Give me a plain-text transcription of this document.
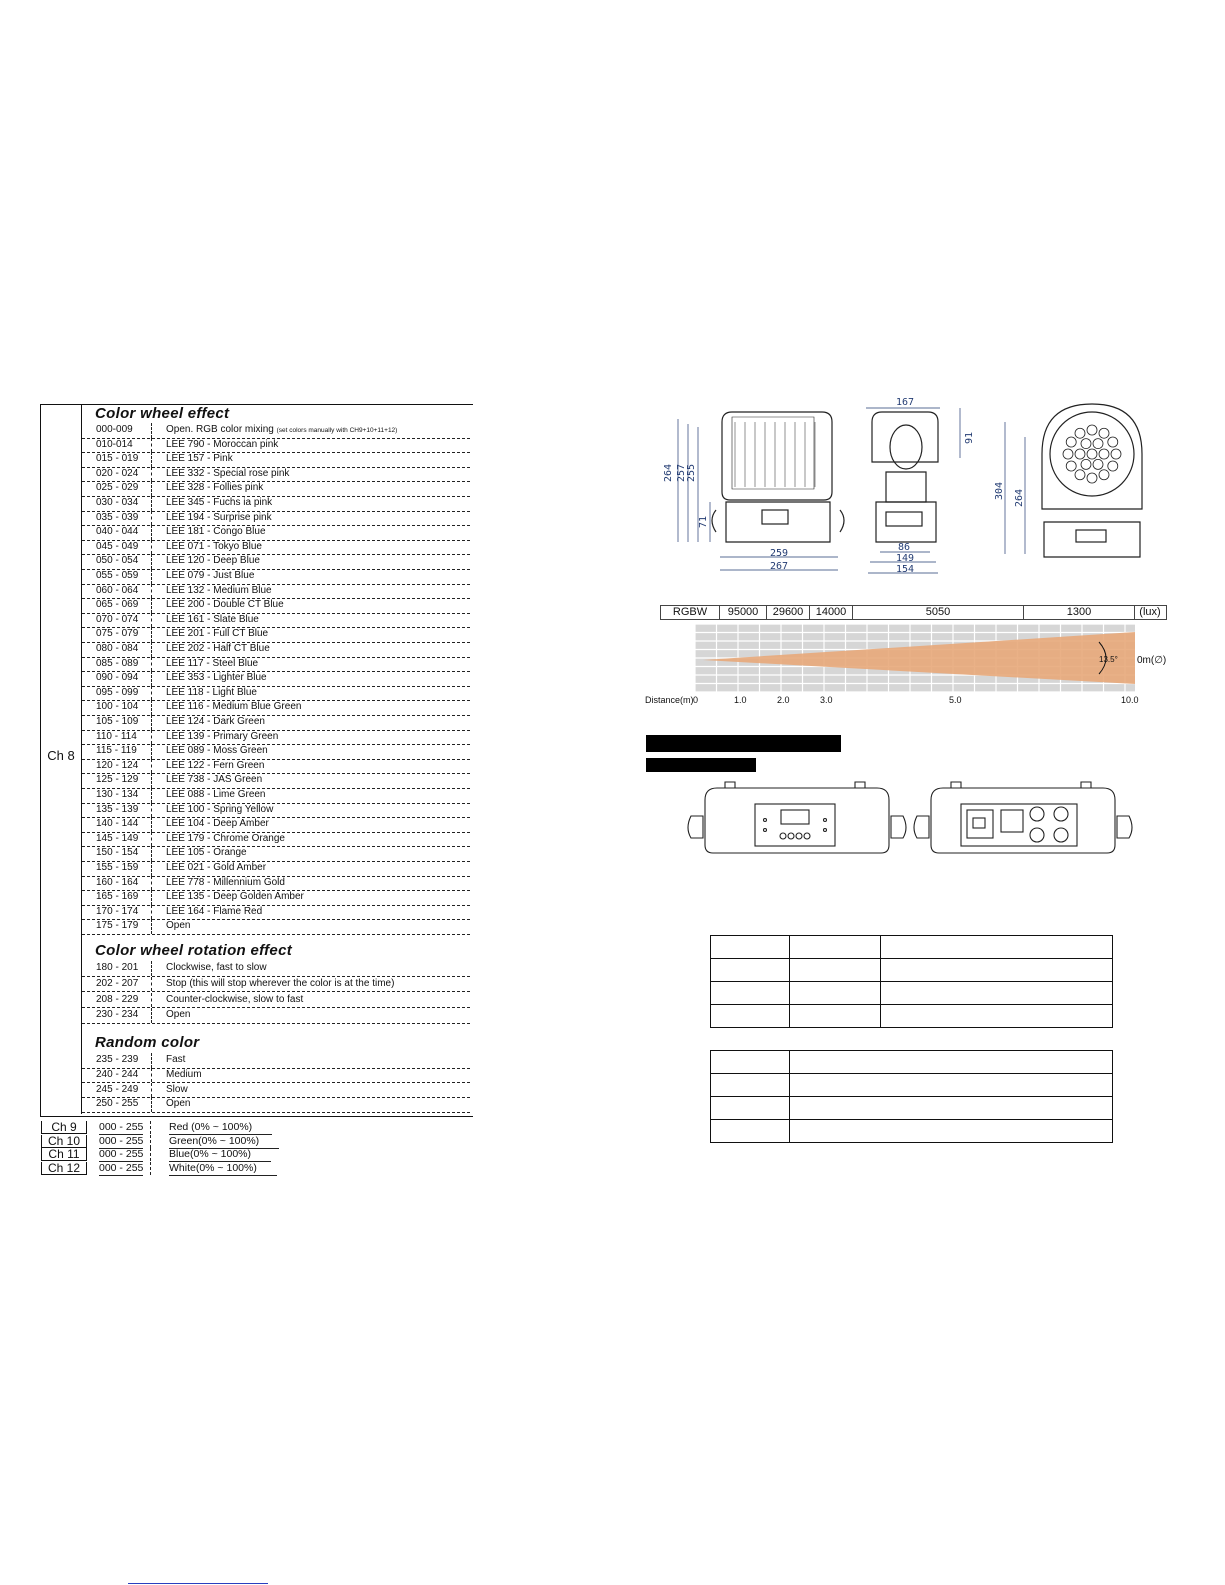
Ch 8
Color wheel effect
000-009	Open. RGB color mixing (set colors manually with CH9+10+11+12)
010-014	LEE 790 - Moroccan pink
015 - 019	LEE 157 - Pink
020 - 024	LEE 332 - Special rose pink
025 - 029	LEE 328 - Follies pink
030 - 034	LEE 345 - Fuchs ia pink
035 - 039	LEE 194 - Surprise pink
040 - 044	LEE 181 - Congo Blue
045 - 049	LEE 071 - Tokyo Blue
050 - 054	LEE 120 - Deep Blue
055 - 059	LEE 079 - Just Blue
060 - 064	LEE 132 - Medium Blue
065 - 069	LEE 200 - Double CT Blue
070 - 074	LEE 161 - Slate Blue
075 - 079	LEE 201 - Full CT Blue
080 - 084	LEE 202 - Half CT Blue
085 - 089	LEE 117 - Steel Blue
090 - 094	LEE 353 - Lighter Blue
095 - 099	LEE 118 - Light Blue
100 - 104	LEE 116 - Medium Blue Green
105 - 109	LEE 124 - Dark Green
110 - 114	LEE 139 - Primary Green
115 - 119	LEE 089 - Moss Green
120 - 124	LEE 122 - Fern Green
125 - 129	LEE 738 - JAS Green
130 - 134	LEE 088 - Lime Green
135 - 139	LEE 100 - Spring Yellow
140 - 144	LEE 104 - Deep Amber
145 - 149	LEE 179 - Chrome Orange
150 - 154	LEE 105 - Orange
155 - 159	LEE 021 - Gold Amber
160 - 164	LEE 778 - Millennium Gold
165 - 169	LEE 135 - Deep Golden Amber
170 - 174	LEE 164 - Flame Red
175 - 179	Open
Color wheel rotation effect
180 - 201	Clockwise, fast to slow
202 - 207	Stop (this will stop wherever the color is at the time)
208 - 229	Counter-clockwise, slow to fast
230 - 234	Open
Random color
235 - 239	Fast
240 - 244	Medium
245 - 249	Slow
250 - 255	Open
Ch 9	000 - 255 Red (0% ~ 100%)
Ch 10	000 - 255 Green(0% ~ 100%)
Ch 11	000 - 255 Blue(0% ~ 100%)
Ch 12	000 - 255 White(0% ~ 100%)
264 257 255
71
259
267
167
91
86
149
154
304 264
RGBW	95000	29600	14000	5050	1300	(lux)
13.5° 0m(∅)
Distance(m) 0	1.0	2.0	3.0	5.0	10.0
